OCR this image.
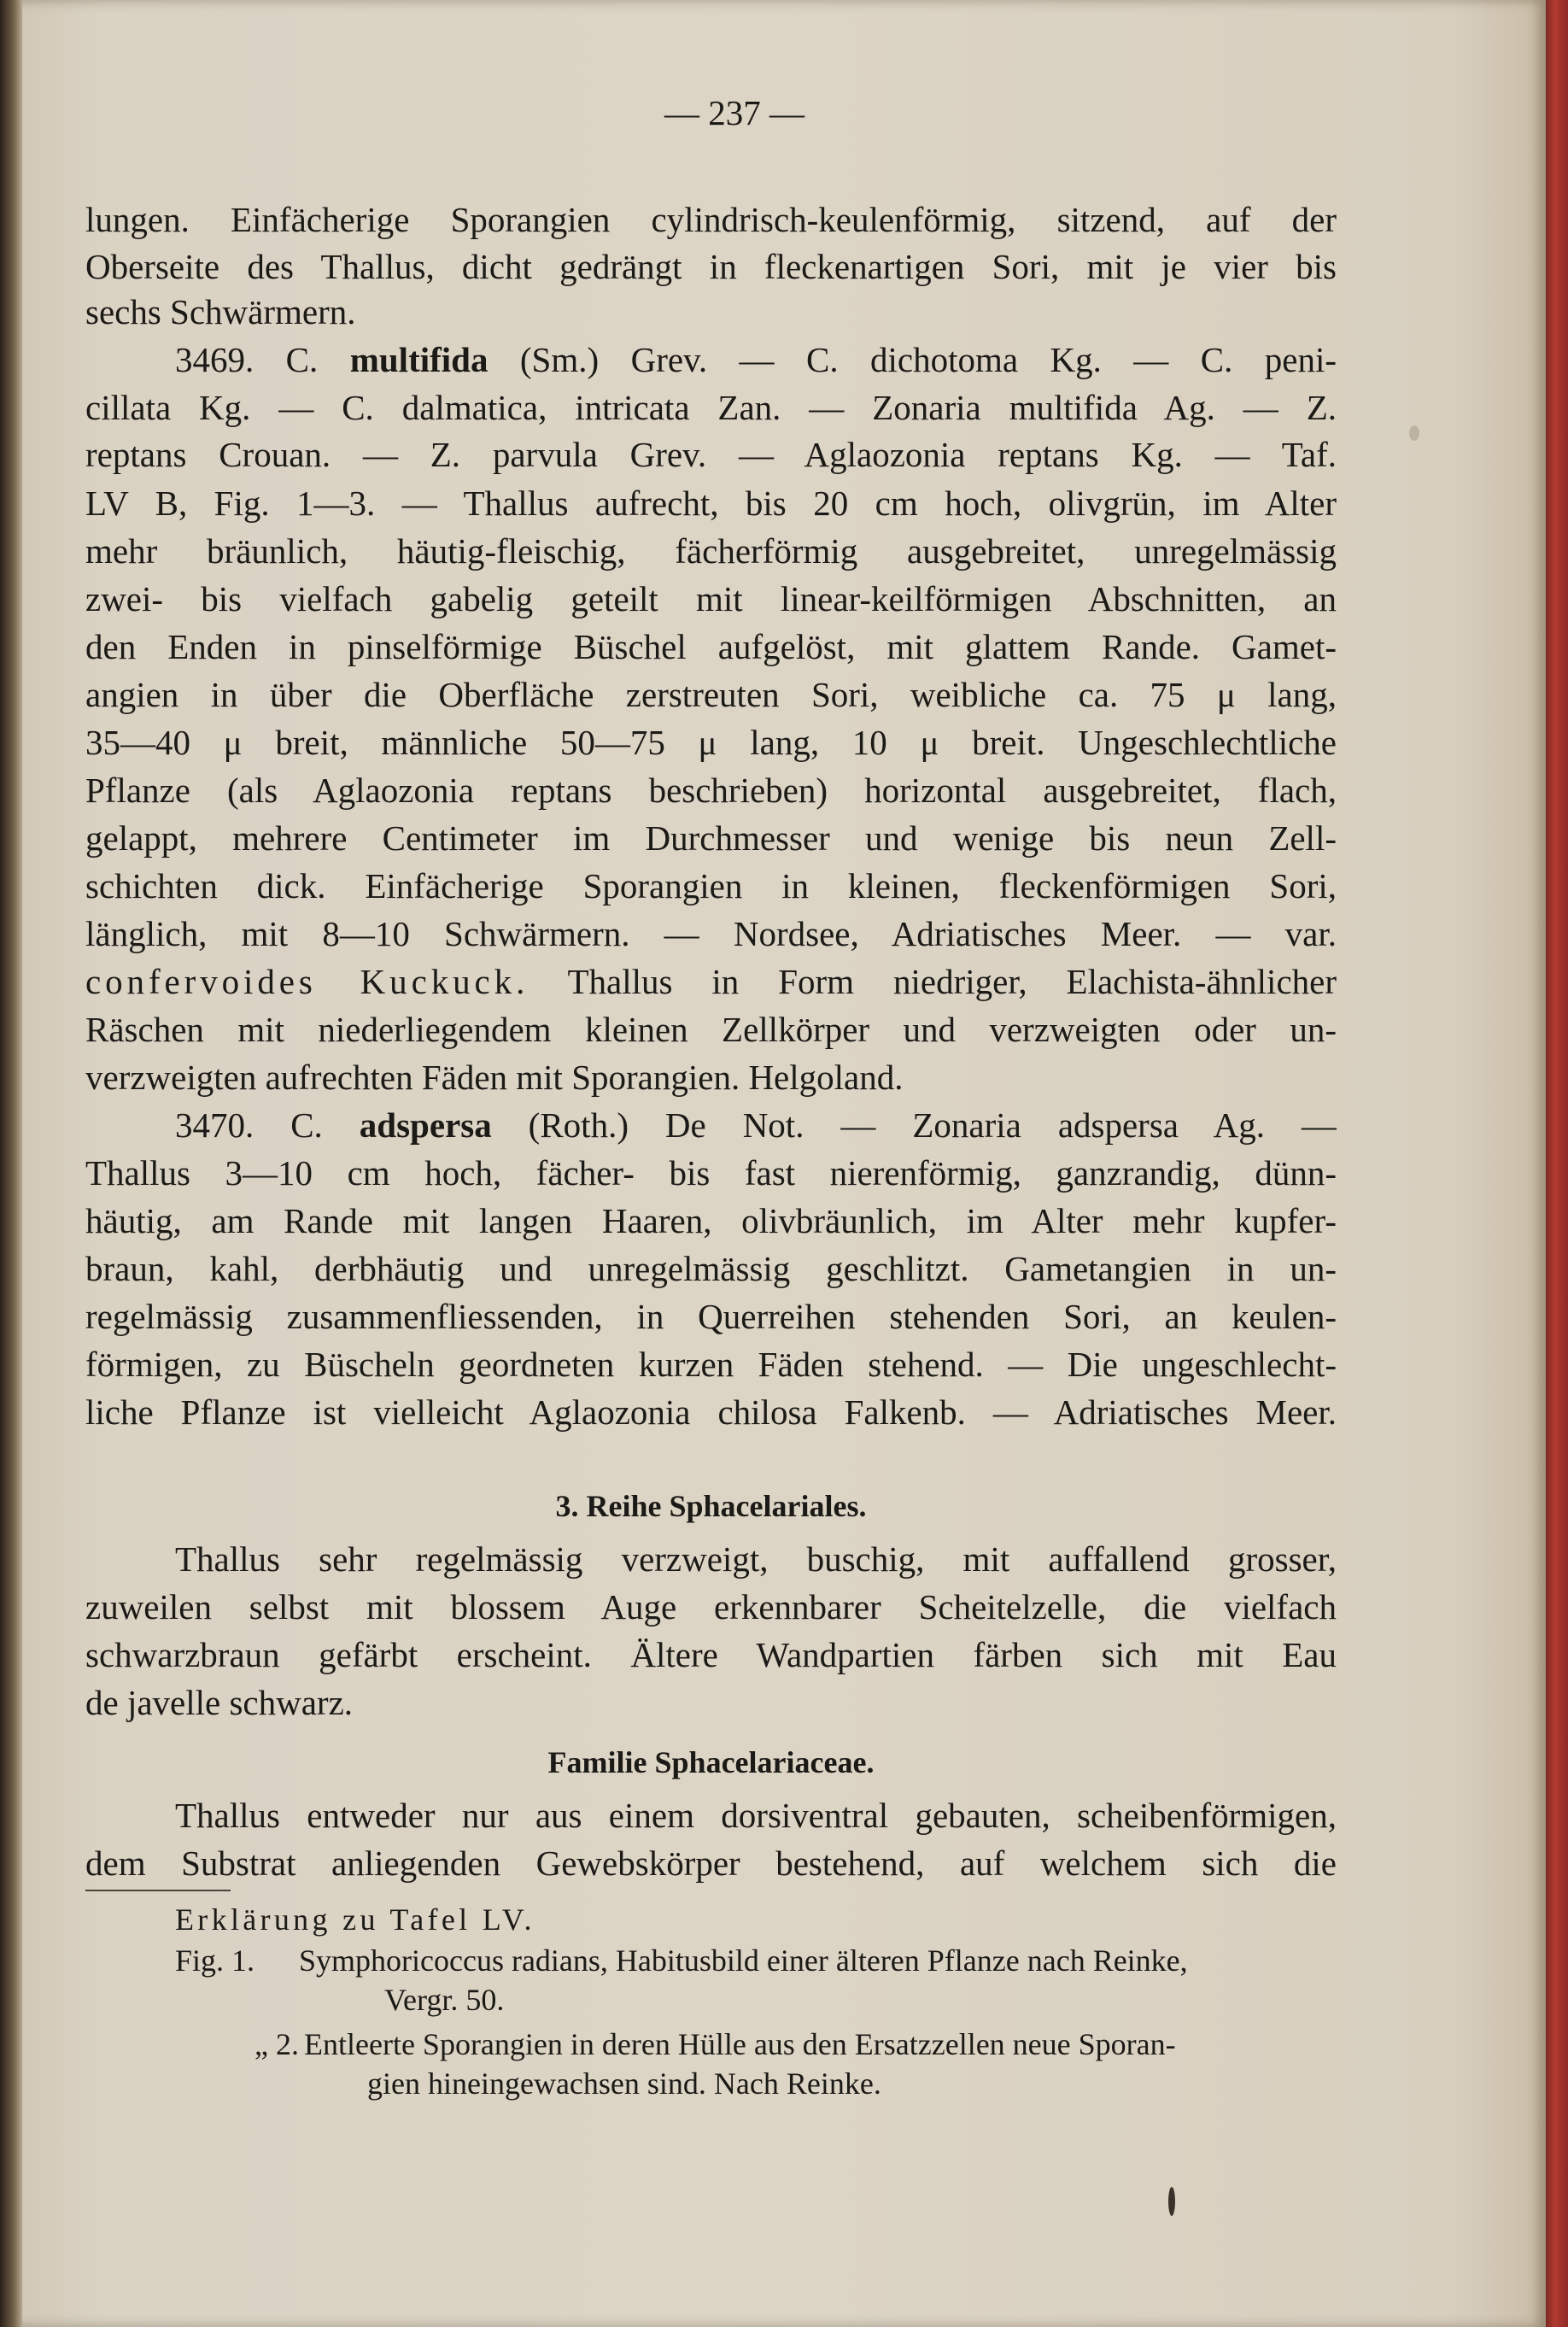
— 237 —
lungen. Einfächerige Sporangien cylindrisch-keulenförmig, sitzend, auf der
Oberseite des Thallus, dicht gedrängt in fleckenartigen Sori, mit je vier bis
sechs Schwärmern.
3469. C. multifida (Sm.) Grev. — C. dichotoma Kg. — C. peni-
cillata Kg. — C. dalmatica, intricata Zan. — Zonaria multifida Ag. — Z.
reptans Crouan. — Z. parvula Grev. — Aglaozonia reptans Kg. — Taf.
LV B, Fig. 1—3. — Thallus aufrecht, bis 20 cm hoch, olivgrün, im Alter
mehr bräunlich, häutig-fleischig, fächerförmig ausgebreitet, unregelmässig
zwei- bis vielfach gabelig geteilt mit linear-keilförmigen Abschnitten, an
den Enden in pinselförmige Büschel aufgelöst, mit glattem Rande. Gamet-
angien in über die Oberfläche zerstreuten Sori, weibliche ca. 75 μ lang,
35—40 μ breit, männliche 50—75 μ lang, 10 μ breit. Ungeschlechtliche
Pflanze (als Aglaozonia reptans beschrieben) horizontal ausgebreitet, flach,
gelappt, mehrere Centimeter im Durchmesser und wenige bis neun Zell-
schichten dick. Einfächerige Sporangien in kleinen, fleckenförmigen Sori,
länglich, mit 8—10 Schwärmern. — Nordsee, Adriatisches Meer. — var.
confervoides Kuckuck. Thallus in Form niedriger, Elachista-ähnlicher
Räschen mit niederliegendem kleinen Zellkörper und verzweigten oder un-
verzweigten aufrechten Fäden mit Sporangien. Helgoland.
3470. C. adspersa (Roth.) De Not. — Zonaria adspersa Ag. —
Thallus 3—10 cm hoch, fächer- bis fast nierenförmig, ganzrandig, dünn-
häutig, am Rande mit langen Haaren, olivbräunlich, im Alter mehr kupfer-
braun, kahl, derbhäutig und unregelmässig geschlitzt. Gametangien in un-
regelmässig zusammenfliessenden, in Querreihen stehenden Sori, an keulen-
förmigen, zu Büscheln geordneten kurzen Fäden stehend. — Die ungeschlecht-
liche Pflanze ist vielleicht Aglaozonia chilosa Falkenb. — Adriatisches Meer.
3. Reihe Sphacelariales.
Thallus sehr regelmässig verzweigt, buschig, mit auffallend grosser,
zuweilen selbst mit blossem Auge erkennbarer Scheitelzelle, die vielfach
schwarzbraun gefärbt erscheint. Ältere Wandpartien färben sich mit Eau
de javelle schwarz.
Familie Sphacelariaceae.
Thallus entweder nur aus einem dorsiventral gebauten, scheibenförmigen,
dem Substrat anliegenden Gewebskörper bestehend, auf welchem sich die
Erklärung zu Tafel LV.
Fig. 1. Symphoricoccus radians, Habitusbild einer älteren Pflanze nach Reinke,
Vergr. 50.
„ 2. Entleerte Sporangien in deren Hülle aus den Ersatzzellen neue Sporan-
gien hineingewachsen sind. Nach Reinke.
